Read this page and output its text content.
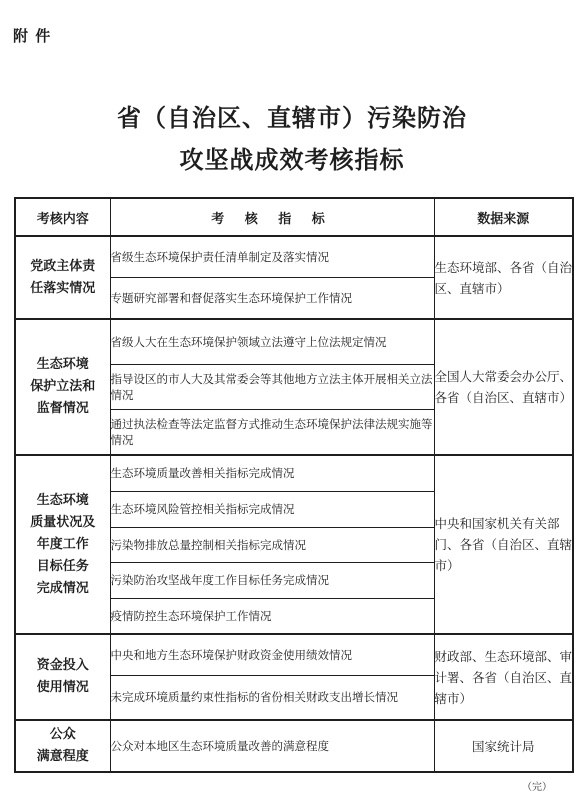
附 件
省（自治区、直辖市）污染防治
攻坚战成效考核指标
考核内容	考 核 指 标	数据来源

党政主体责
任落实情况	省级生态环境保护责任清单制定及落实情况	生态环境部、各省（自治区、直辖市）
	专题研究部署和督促落实生态环境保护工作情况	

生态环境
保护立法和
监督情况	省级人大在生态环境保护领域立法遵守上位法规定情况	全国人大常委会办公厅、各省（自治区、直辖市）
	指导设区的市人大及其常委会等其他地方立法主体开展相关立法情况	
	通过执法检查等法定监督方式推动生态环境保护法律法规实施等情况	

生态环境
质量状况及
年度工作
目标任务
完成情况	生态环境质量改善相关指标完成情况	中央和国家机关有关部门、各省（自治区、直辖市）
	生态环境风险管控相关指标完成情况	
	污染物排放总量控制相关指标完成情况	
	污染防治攻坚战年度工作目标任务完成情况	
	疫情防控生态环境保护工作情况	

资金投入
使用情况	中央和地方生态环境保护财政资金使用绩效情况	财政部、生态环境部、审计署、各省（自治区、直辖市）
	未完成环境质量约束性指标的省份相关财政支出增长情况	

公众
满意程度	公众对本地区生态环境质量改善的满意程度	国家统计局
（完）
